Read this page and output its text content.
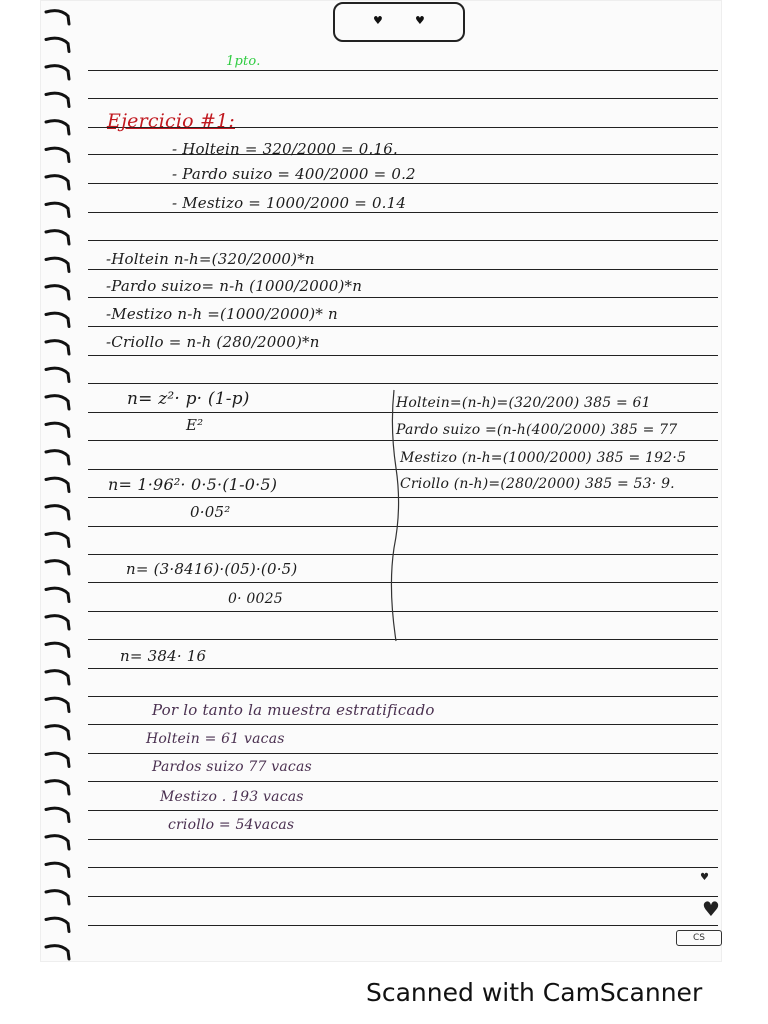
♥	♥
1pto.
Ejercicio #1:
- Holtein = 320/2000 = 0.16.
- Pardo suizo = 400/2000 = 0.2
- Mestizo = 1000/2000 = 0.14
-Holtein n-h=(320/2000)*n
-Pardo suizo= n-h (1000/2000)*n
-Mestizo n-h =(1000/2000)* n
-Criollo = n-h (280/2000)*n
n= z²· p· (1-p)
E²
n= 1·96²· 0·5·(1-0·5)
0·05²
n= (3·8416)·(05)·(0·5)
0· 0025
n= 384· 16
Holtein=(n-h)=(320/200) 385 = 61
Pardo suizo =(n-h(400/2000) 385 = 77
Mestizo (n-h=(1000/2000) 385 = 192·5
Criollo (n-h)=(280/2000) 385 = 53· 9.
Por lo tanto la muestra estratificado
Holtein = 61 vacas
Pardos suizo 77 vacas
Mestizo . 193 vacas
criollo = 54vacas
♥
♥
CS
Scanned with CamScanner
